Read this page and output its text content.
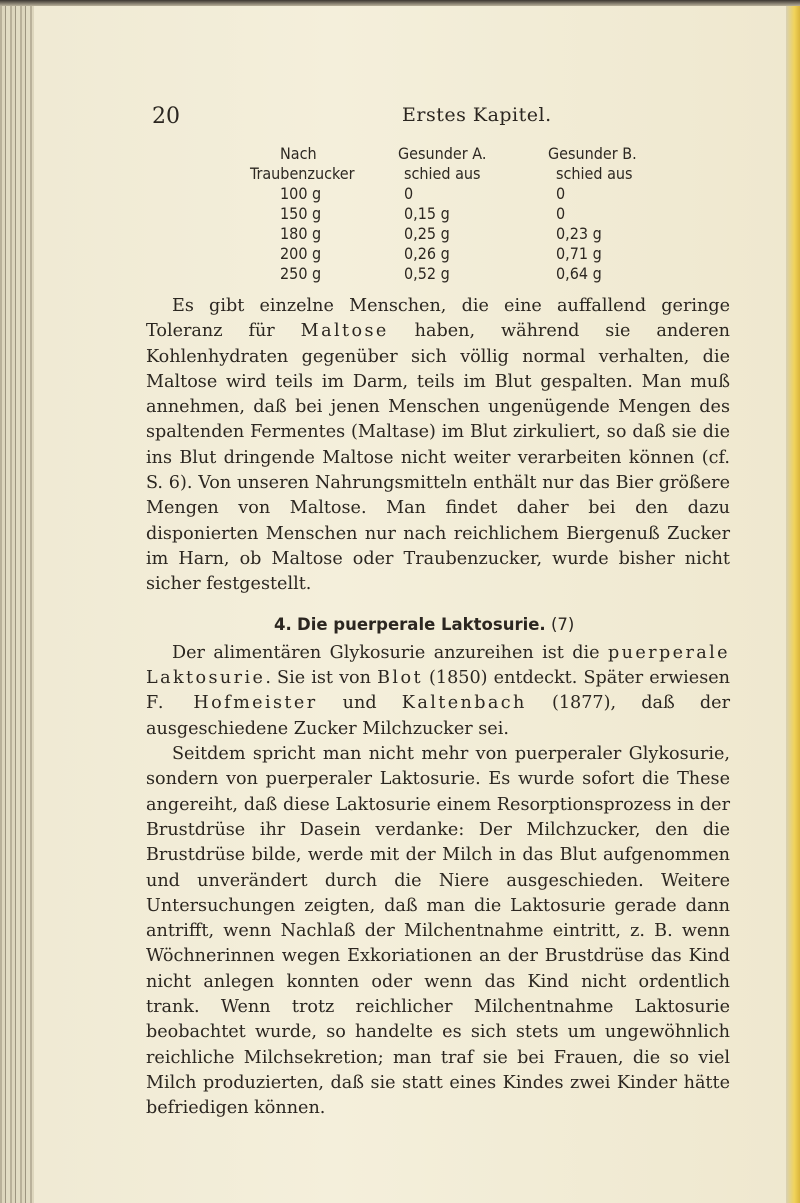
20	Erstes Kapitel.
Nach
Traubenzucker
100 g
150 g
180 g
200 g
250 g
Gesunder A.
schied aus
0
0,15 g
0,25 g
0,26 g
0,52 g
Gesunder B.
schied aus
0
0
0,23 g
0,71 g
0,64 g

Es gibt einzelne Menschen, die eine auffallend geringe Toleranz für Maltose haben, während sie anderen Kohlenhydraten gegenüber sich völlig normal verhalten, die Maltose wird teils im Darm, teils im Blut gespalten. Man muß annehmen, daß bei jenen Menschen ungenügende Mengen des spaltenden Fermentes (Maltase) im Blut zirkuliert, so daß sie die ins Blut dringende Maltose nicht weiter verarbeiten können (cf. S. 6). Von unseren Nahrungsmitteln enthält nur das Bier größere Mengen von Maltose. Man findet daher bei den dazu disponierten Menschen nur nach reichlichem Biergenuß Zucker im Harn, ob Maltose oder Traubenzucker, wurde bisher nicht sicher festgestellt.

4. Die puerperale Laktosurie. (7)

Der alimentären Glykosurie anzureihen ist die puerperale Laktosurie. Sie ist von Blot (1850) entdeckt. Später erwiesen F. Hofmeister und Kaltenbach (1877), daß der ausgeschiedene Zucker Milchzucker sei.

Seitdem spricht man nicht mehr von puerperaler Glykosurie, sondern von puerperaler Laktosurie. Es wurde sofort die These angereiht, daß diese Laktosurie einem Resorptionsprozess in der Brustdrüse ihr Dasein verdanke: Der Milchzucker, den die Brustdrüse bilde, werde mit der Milch in das Blut aufgenommen und unverändert durch die Niere ausgeschieden. Weitere Untersuchungen zeigten, daß man die Laktosurie gerade dann antrifft, wenn Nachlaß der Milchentnahme eintritt, z. B. wenn Wöchnerinnen wegen Exkoriationen an der Brustdrüse das Kind nicht anlegen konnten oder wenn das Kind nicht ordentlich trank. Wenn trotz reichlicher Milchentnahme Laktosurie beobachtet wurde, so handelte es sich stets um ungewöhnlich reichliche Milchsekretion; man traf sie bei Frauen, die so viel Milch produzierten, daß sie statt eines Kindes zwei Kinder hätte befriedigen können.
